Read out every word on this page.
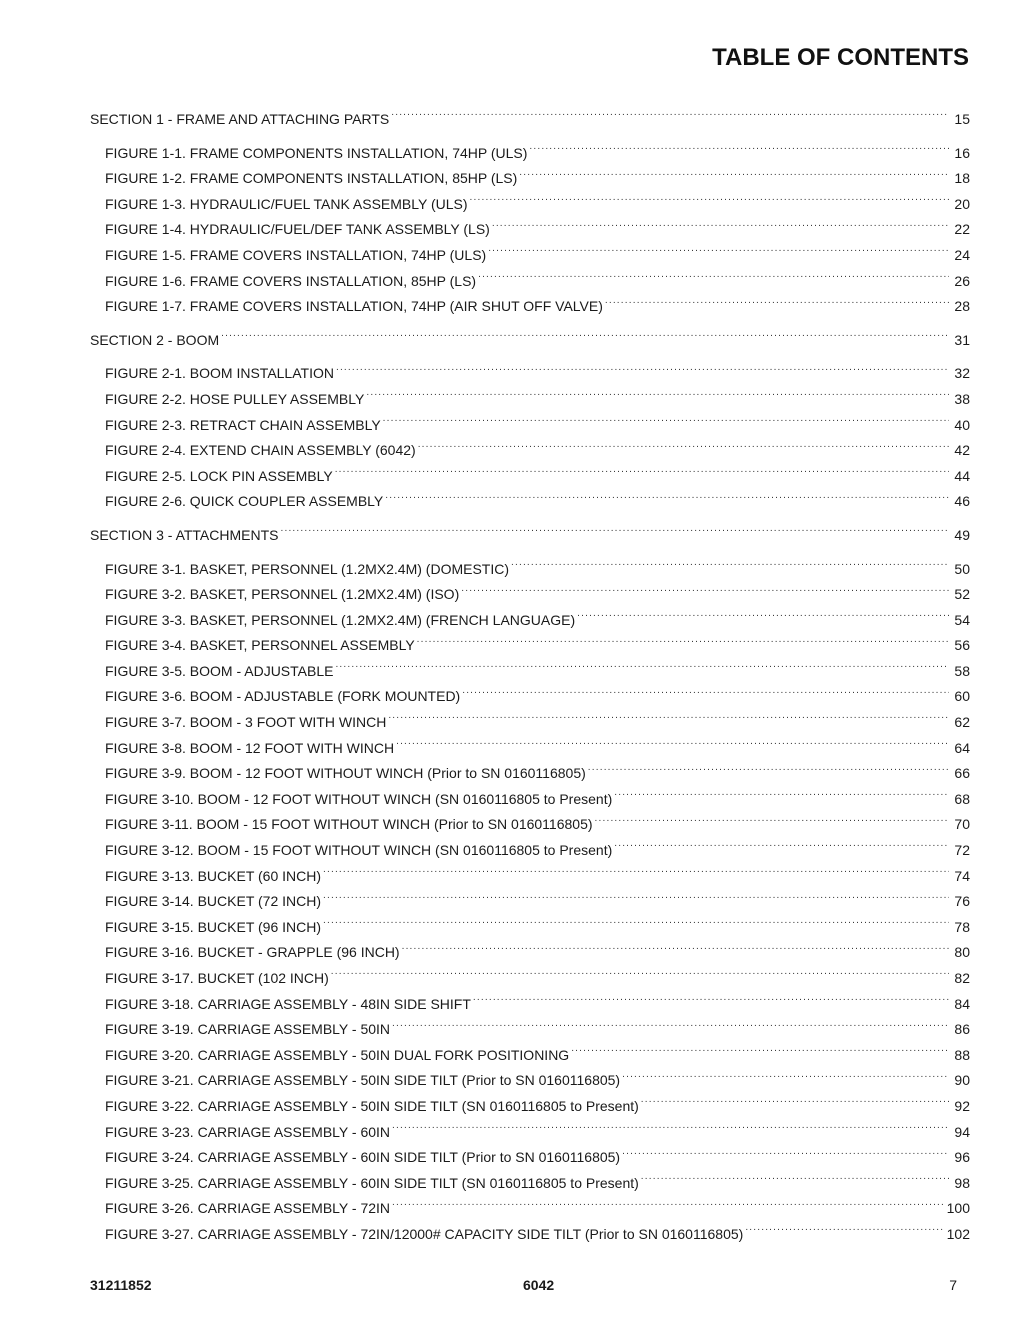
TABLE OF CONTENTS
SECTION 1 - FRAME AND ATTACHING PARTS .....	15
FIGURE 1-1. FRAME COMPONENTS INSTALLATION, 74HP (ULS) .....	16
FIGURE 1-2. FRAME COMPONENTS INSTALLATION, 85HP (LS) .....	18
FIGURE 1-3. HYDRAULIC/FUEL TANK ASSEMBLY (ULS) .....	20
FIGURE 1-4. HYDRAULIC/FUEL/DEF TANK ASSEMBLY (LS) .....	22
FIGURE 1-5. FRAME COVERS INSTALLATION, 74HP (ULS) .....	24
FIGURE 1-6. FRAME COVERS INSTALLATION, 85HP (LS) .....	26
FIGURE 1-7. FRAME COVERS INSTALLATION, 74HP (AIR SHUT OFF VALVE) .....	28
SECTION 2 - BOOM .....	31
FIGURE 2-1. BOOM INSTALLATION .....	32
FIGURE 2-2. HOSE PULLEY ASSEMBLY .....	38
FIGURE 2-3. RETRACT CHAIN ASSEMBLY .....	40
FIGURE 2-4. EXTEND CHAIN ASSEMBLY (6042) .....	42
FIGURE 2-5. LOCK PIN ASSEMBLY .....	44
FIGURE 2-6. QUICK COUPLER ASSEMBLY .....	46
SECTION 3 - ATTACHMENTS .....	49
FIGURE 3-1. BASKET, PERSONNEL (1.2MX2.4M) (DOMESTIC) .....	50
FIGURE 3-2. BASKET, PERSONNEL (1.2MX2.4M) (ISO) .....	52
FIGURE 3-3. BASKET, PERSONNEL (1.2MX2.4M) (FRENCH LANGUAGE) .....	54
FIGURE 3-4. BASKET, PERSONNEL ASSEMBLY .....	56
FIGURE 3-5. BOOM - ADJUSTABLE .....	58
FIGURE 3-6. BOOM - ADJUSTABLE (FORK MOUNTED) .....	60
FIGURE 3-7. BOOM - 3 FOOT WITH WINCH .....	62
FIGURE 3-8. BOOM - 12 FOOT WITH WINCH .....	64
FIGURE 3-9. BOOM - 12 FOOT WITHOUT WINCH (Prior to SN 0160116805) .....	66
FIGURE 3-10. BOOM - 12 FOOT WITHOUT WINCH (SN 0160116805 to Present) .....	68
FIGURE 3-11. BOOM - 15 FOOT WITHOUT WINCH (Prior to SN 0160116805) .....	70
FIGURE 3-12. BOOM - 15 FOOT WITHOUT WINCH (SN 0160116805 to Present) .....	72
FIGURE 3-13. BUCKET (60 INCH) .....	74
FIGURE 3-14. BUCKET (72 INCH) .....	76
FIGURE 3-15. BUCKET (96 INCH) .....	78
FIGURE 3-16. BUCKET - GRAPPLE (96 INCH) .....	80
FIGURE 3-17. BUCKET (102 INCH) .....	82
FIGURE 3-18. CARRIAGE ASSEMBLY - 48IN SIDE SHIFT .....	84
FIGURE 3-19. CARRIAGE ASSEMBLY - 50IN .....	86
FIGURE 3-20. CARRIAGE ASSEMBLY - 50IN DUAL FORK POSITIONING .....	88
FIGURE 3-21. CARRIAGE ASSEMBLY - 50IN SIDE TILT (Prior to SN 0160116805) .....	90
FIGURE 3-22. CARRIAGE ASSEMBLY - 50IN SIDE TILT (SN 0160116805 to Present) .....	92
FIGURE 3-23. CARRIAGE ASSEMBLY - 60IN .....	94
FIGURE 3-24. CARRIAGE ASSEMBLY - 60IN SIDE TILT (Prior to SN 0160116805) .....	96
FIGURE 3-25. CARRIAGE ASSEMBLY - 60IN SIDE TILT (SN 0160116805 to Present) .....	98
FIGURE 3-26. CARRIAGE ASSEMBLY - 72IN .....	100
FIGURE 3-27. CARRIAGE ASSEMBLY - 72IN/12000# CAPACITY SIDE TILT (Prior to SN 0160116805) .....	102
31211852	6042	7
